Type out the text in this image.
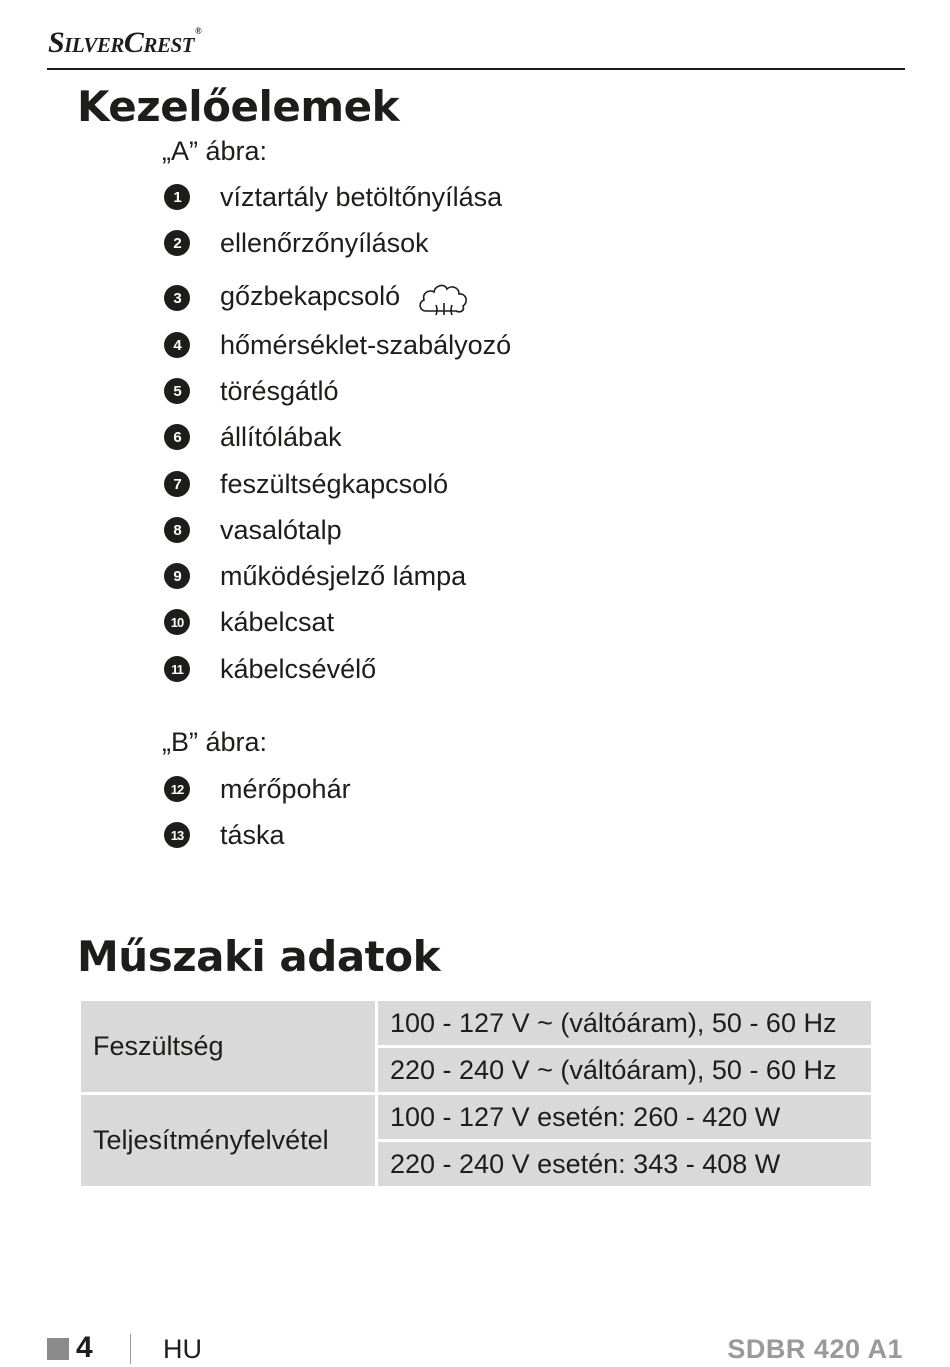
SilverCrest®
Kezelőelemek
„A” ábra:
1	víztartály betöltőnyílása
2	ellenőrzőnyílások
3	gőzbekapcsoló
4	hőmérséklet-szabályozó
5	törésgátló
6	állítólábak
7	feszültségkapcsoló
8	vasalótalp
9	működésjelző lámpa
10 kábelcsat
11 kábelcsévélő
„B” ábra:
12 mérőpohár
13 táska
Műszaki adatok
Feszültség	100 - 127 V ~ (váltóáram), 50 - 60 Hz
	220 - 240 V ~ (váltóáram), 50 - 60 Hz
Teljesítményfelvétel	100 - 127 V esetén: 260 - 420 W
	220 - 240 V esetén: 343 - 408 W
4	HU	SDBR 420 A1
